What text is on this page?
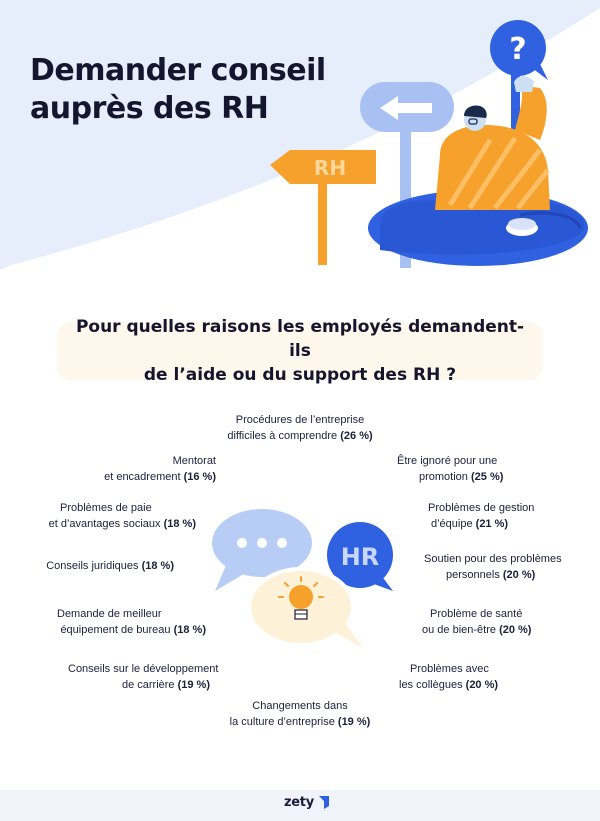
Demander conseil
auprès des RH
RH
?
Pour quelles raisons les employés demandent-ils
de l’aide ou du support des RH ?
Procédures de l’entreprise
difficiles à comprendre (26 %)
Mentorat
et encadrement (16 %)
Être ignoré pour une
promotion (25 %)
Problèmes de paie
et d’avantages sociaux (18 %)
Problèmes de gestion
d’équipe (21 %)
Conseils juridiques (18 %)
Soutien pour des problèmes
personnels (20 %)
Demande de meilleur
équipement de bureau (18 %)
Problème de santé
ou de bien-être (20 %)
Conseils sur le développement
de carrière (19 %)
Problèmes avec
les collègues (20 %)
Changements dans
la culture d’entreprise (19 %)
HR
zety
